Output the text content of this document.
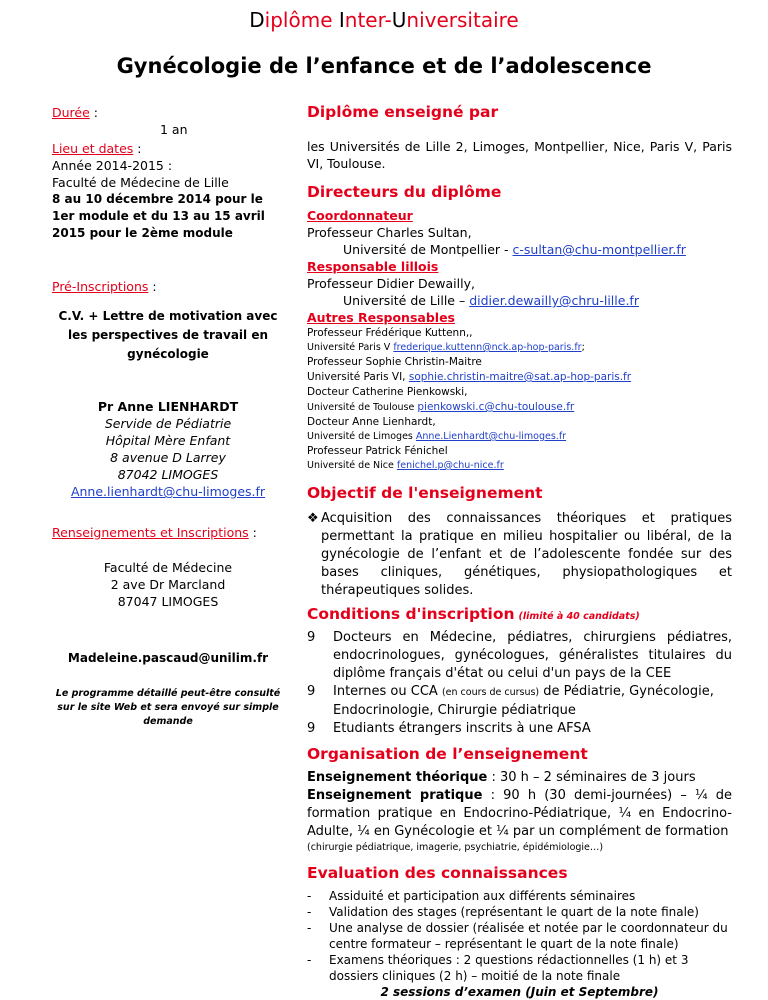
Diplôme Inter-Universitaire
Gynécologie de l’enfance et de l’adolescence
Durée :
1 an
Lieu et dates :
Année 2014-2015 :
Faculté de Médecine de Lille
8 au 10 décembre 2014 pour le 1er module et du 13 au 15 avril 2015 pour le 2ème module
Pré-Inscriptions :
C.V. + Lettre de motivation avec les perspectives de travail en gynécologie
Pr Anne LIENHARDT
Servide de Pédiatrie
Hôpital Mère Enfant
8 avenue D Larrey
87042 LIMOGES
Anne.lienhardt@chu-limoges.fr
Renseignements et Inscriptions :
Faculté de Médecine
2 ave Dr Marcland
87047 LIMOGES
Madeleine.pascaud@unilim.fr
Le programme détaillé peut-être consulté sur le site Web et sera envoyé sur simple demande
Diplôme enseigné par
les Universités de Lille 2, Limoges, Montpellier, Nice, Paris V, Paris VI, Toulouse.
Directeurs du diplôme
Coordonnateur
Professeur Charles Sultan,
Université de Montpellier - c-sultan@chu-montpellier.fr
Responsable lillois
Professeur Didier Dewailly,
Université de Lille – didier.dewailly@chru-lille.fr
Autres Responsables
Professeur Frédérique Kuttenn,,
Université Paris V frederique.kuttenn@nck.ap-hop-paris.fr;
Professeur Sophie Christin-Maitre
Université Paris VI, sophie.christin-maitre@sat.ap-hop-paris.fr
Docteur Catherine Pienkowski,
Université de Toulouse pienkowski.c@chu-toulouse.fr
Docteur Anne Lienhardt,
Université de Limoges Anne.Lienhardt@chu-limoges.fr
Professeur Patrick Fénichel
Université de Nice fenichel.p@chu-nice.fr
Objectif de l'enseignement
❖ Acquisition des connaissances théoriques et pratiques permettant la pratique en milieu hospitalier ou libéral, de la gynécologie de l’enfant et de l’adolescente fondée sur des bases cliniques, génétiques, physiopathologiques et thérapeutiques solides.
Conditions d'inscription (limité à 40 candidats)
9	Docteurs en Médecine, pédiatres, chirurgiens pédiatres, endocrinologues, gynécologues, généralistes titulaires du diplôme français d'état ou celui d'un pays de la CEE
9	Internes ou CCA (en cours de cursus) de Pédiatrie, Gynécologie, Endocrinologie, Chirurgie pédiatrique
9	Etudiants étrangers inscrits à une AFSA
Organisation de l’enseignement
Enseignement théorique : 30 h – 2 séminaires de 3 jours
Enseignement pratique : 90 h (30 demi-journées) – ¼ de formation pratique en Endocrino-Pédiatrique, ¼ en Endocrino-Adulte, ¼ en Gynécologie et ¼ par un complément de formation
(chirurgie pédiatrique, imagerie, psychiatrie, épidémiologie…)
Evaluation des connaissances
-	Assiduité et participation aux différents séminaires
-	Validation des stages (représentant le quart de la note finale)
-	Une analyse de dossier (réalisée et notée par le coordonnateur du centre formateur – représentant le quart de la note finale)
-	Examens théoriques : 2 questions rédactionnelles (1 h) et 3 dossiers cliniques (2 h) – moitié de la note finale
2 sessions d’examen (Juin et Septembre)
